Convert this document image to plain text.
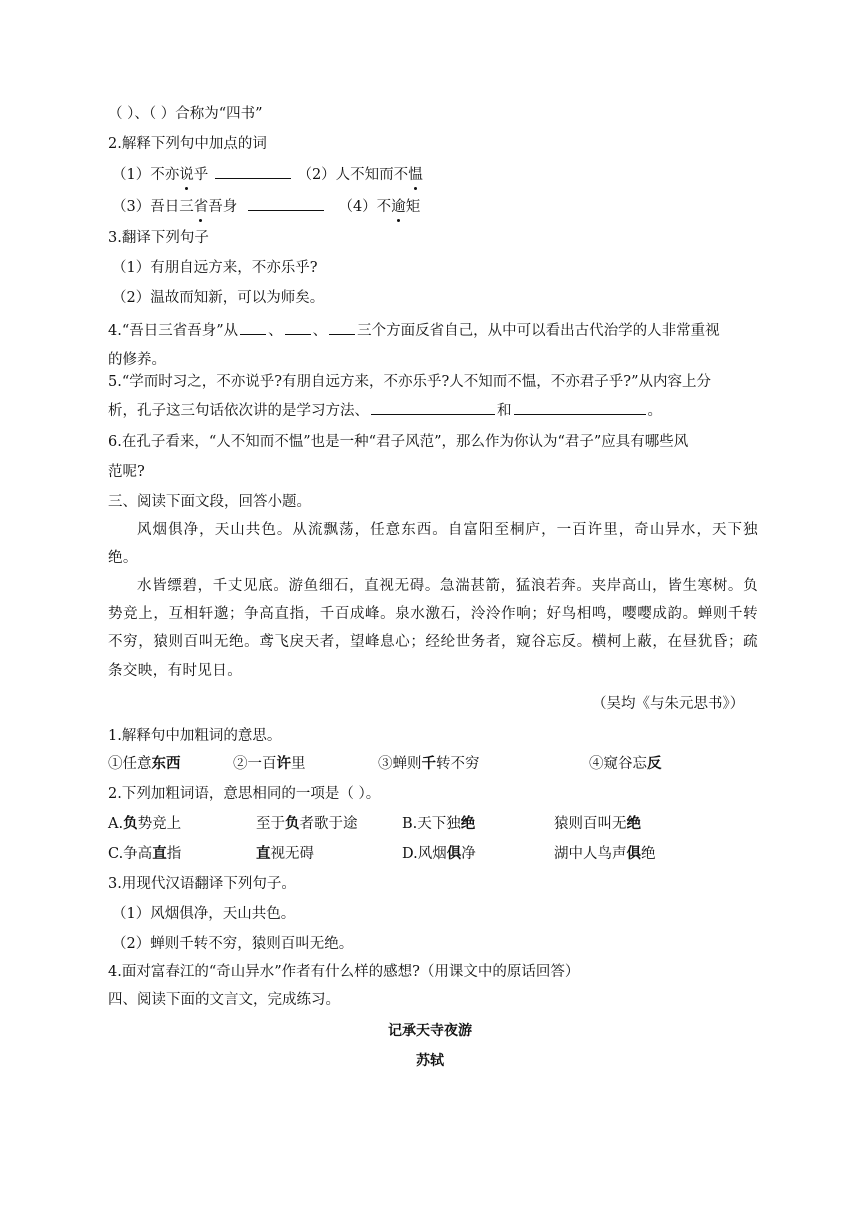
（ ）、（ ）合称为“四书”
2.解释下列句中加点的词
（1）不亦说乎	（2）人不知而不愠
（3）吾日三省吾身	（4）不逾矩
3.翻译下列句子
（1）有朋自远方来，不亦乐乎?
（2）温故而知新，可以为师矣。
4.“吾日三省吾身”从 、 、 三个方面反省自己，从中可以看出古代治学的人非常重视
的修养。
5.“学而时习之，不亦说乎?有朋自远方来，不亦乐乎?人不知而不愠，不亦君子乎?”从内容上分
析，孔子这三句话依次讲的是学习方法、	和	。
6.在孔子看来，“人不知而不愠”也是一种“君子风范”，那么作为你认为“君子”应具有哪些风
范呢?
三、阅读下面文段，回答小题。
风烟俱净，天山共色。从流飘荡，任意东西。自富阳至桐庐，一百许里，奇山异水，天下独绝。
水皆缥碧，千丈见底。游鱼细石，直视无碍。急湍甚箭，猛浪若奔。夹岸高山，皆生寒树。负势竞上，互相轩邈；争高直指，千百成峰。泉水激石，泠泠作响；好鸟相鸣，嘤嘤成韵。蝉则千转不穷，猿则百叫无绝。鸢飞戾天者，望峰息心；经纶世务者，窥谷忘反。横柯上蔽，在昼犹昏；疏条交映，有时见日。
（吴均《与朱元思书》）
1.解释句中加粗词的意思。
①任意东西	②一百许里	③蝉则千转不穷	④窥谷忘反
2.下列加粗词语，意思相同的一项是（ ）。
A.负势竞上	至于负者歌于途	B.天下独绝	猿则百叫无绝
C.争高直指	直视无碍	D.风烟俱净	湖中人鸟声俱绝
3.用现代汉语翻译下列句子。
（1）风烟俱净，天山共色。
（2）蝉则千转不穷，猿则百叫无绝。
4.面对富春江的“奇山异水”作者有什么样的感想?（用课文中的原话回答）
四、阅读下面的文言文，完成练习。
记承天寺夜游
苏轼
